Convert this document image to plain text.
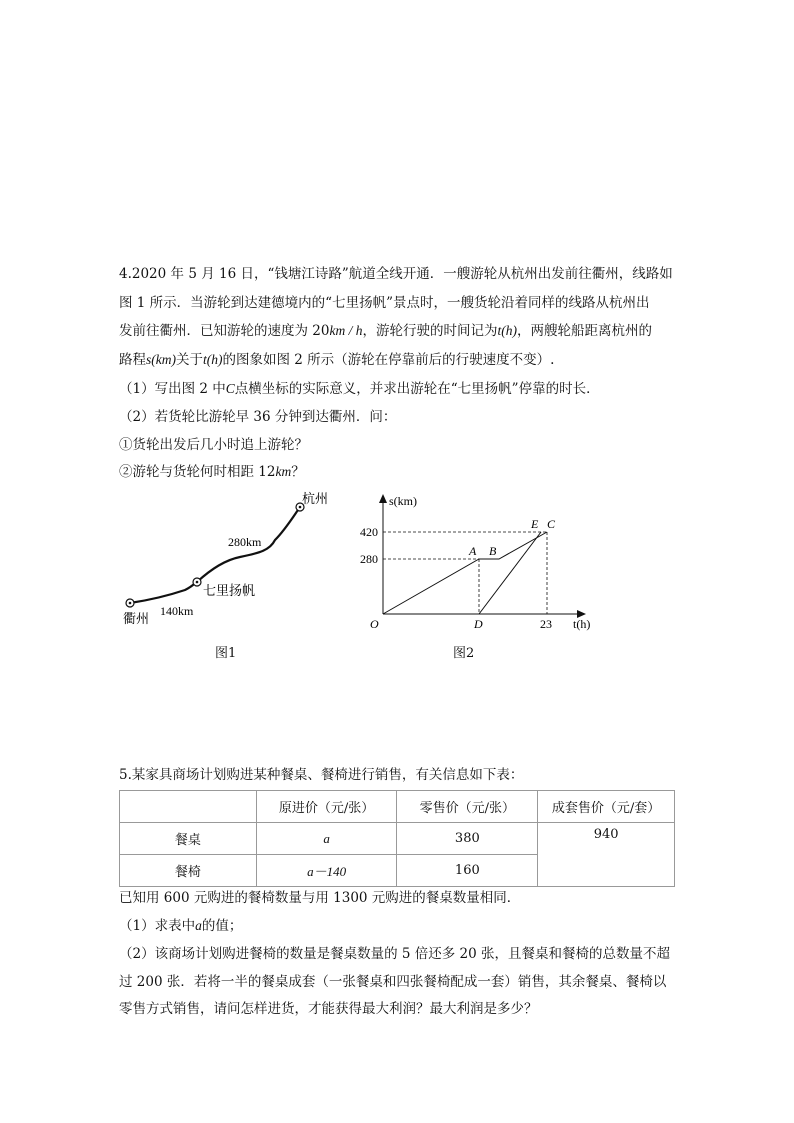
4.2020 年 5 月 16 日，“钱塘江诗路”航道全线开通．一艘游轮从杭州出发前往衢州，线路如
图 1 所示．当游轮到达建德境内的“七里扬帆”景点时，一艘货轮沿着同样的线路从杭州出
发前往衢州．已知游轮的速度为 20km / h，游轮行驶的时间记为t(h)，两艘轮船距离杭州的
路程s(km)关于t(h)的图象如图 2 所示（游轮在停靠前后的行驶速度不变）.
（1）写出图 2 中C点横坐标的实际意义，并求出游轮在“七里扬帆”停靠的时长．
（2）若货轮比游轮早 36 分钟到达衢州．问：
①货轮出发后几小时追上游轮？
②游轮与货轮何时相距 12km？
杭州
280km
七里扬帆
140km
衢州
图1
s(km)
t(h)
420
280
23
O
A B
D
E C
图2
5.某家具商场计划购进某种餐桌、餐椅进行销售，有关信息如下表：
	原进价（元/张）	零售价（元/张）	成套售价（元/套）
餐桌	a	380	940
餐椅	a－140	160	
已知用 600 元购进的餐椅数量与用 1300 元购进的餐桌数量相同．
（1）求表中a的值；
（2）该商场计划购进餐椅的数量是餐桌数量的 5 倍还多 20 张，且餐桌和餐椅的总数量不超
过 200 张．若将一半的餐桌成套（一张餐桌和四张餐椅配成一套）销售，其余餐桌、餐椅以
零售方式销售，请问怎样进货，才能获得最大利润？最大利润是多少？
